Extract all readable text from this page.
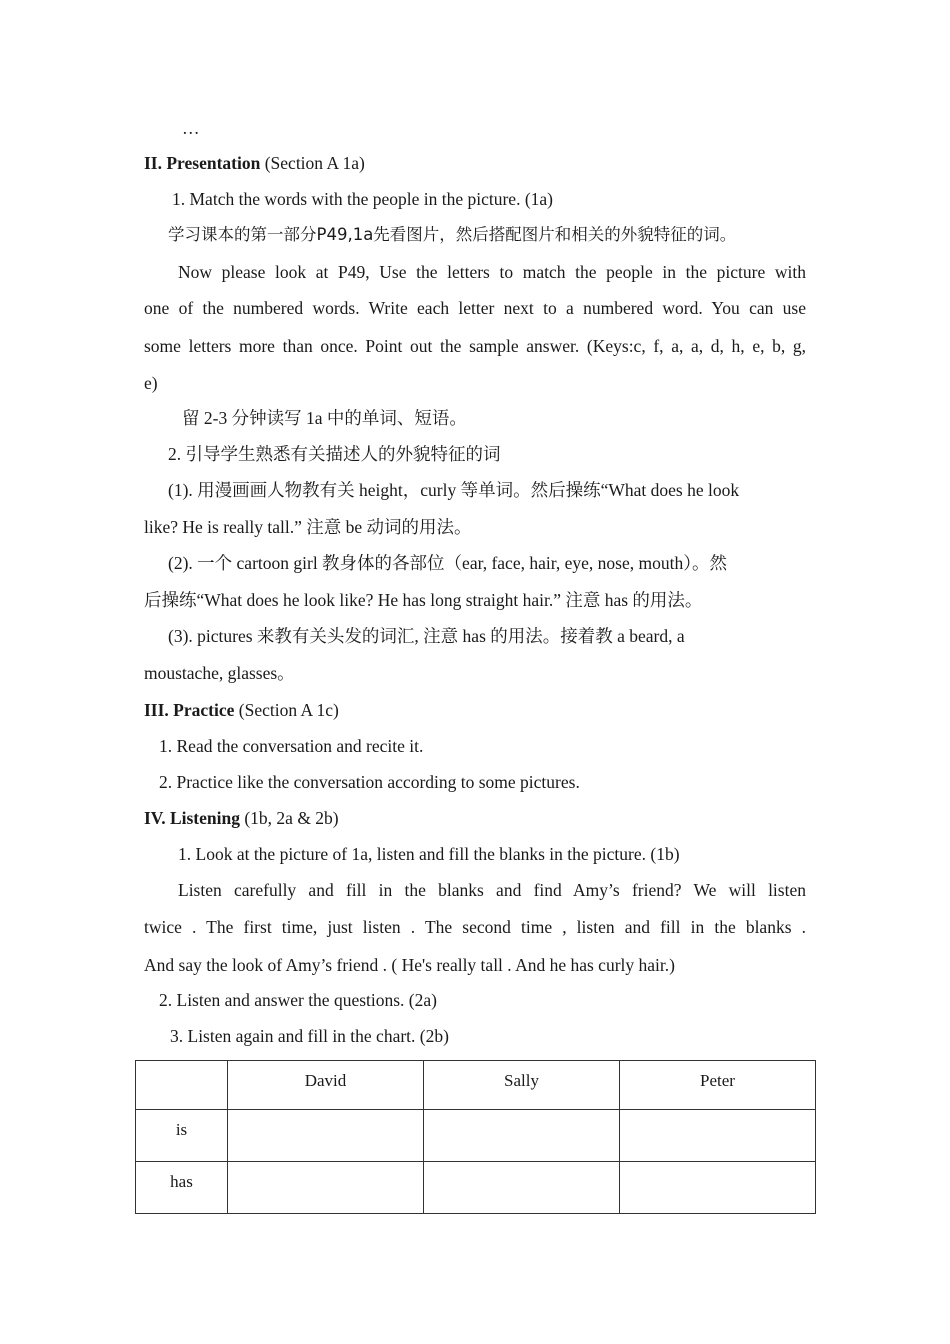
…
II. Presentation (Section A 1a)
1. Match the words with the people in the picture. (1a)
学习课本的第一部分P49,1a先看图片，然后搭配图片和相关的外貌特征的词。
Now please look at P49, Use the letters to match the people in the picture with
one of the numbered words. Write each letter next to a numbered word. You can use
some letters more than once. Point out the sample answer. (Keys:c, f, a, a, d, h, e, b, g,
e)
留 2-3 分钟读写 1a 中的单词、短语。
2. 引导学生熟悉有关描述人的外貌特征的词
(1). 用漫画画人物教有关 height，curly 等单词。然后操练“What does he look
like? He is really tall.” 注意 be 动词的用法。
(2). 一个 cartoon girl 教身体的各部位（ear, face, hair, eye, nose, mouth）。然
后操练“What does he look like? He has long straight hair.” 注意 has 的用法。
(3). pictures 来教有关头发的词汇, 注意 has 的用法。接着教 a beard, a
moustache, glasses。
III. Practice (Section A 1c)
1. Read the conversation and recite it.
2. Practice like the conversation according to some pictures.
IV. Listening (1b, 2a & 2b)
1. Look at the picture of 1a, listen and fill the blanks in the picture. (1b)
Listen carefully and fill in the blanks and find Amy’s friend? We will listen
twice . The first time, just listen . The second time , listen and fill in the blanks .
And say the look of Amy’s friend . ( He's really tall . And he has curly hair.)
2. Listen and answer the questions. (2a)
3. Listen again and fill in the chart. (2b)
	David	Sally	Peter
is			
has			
